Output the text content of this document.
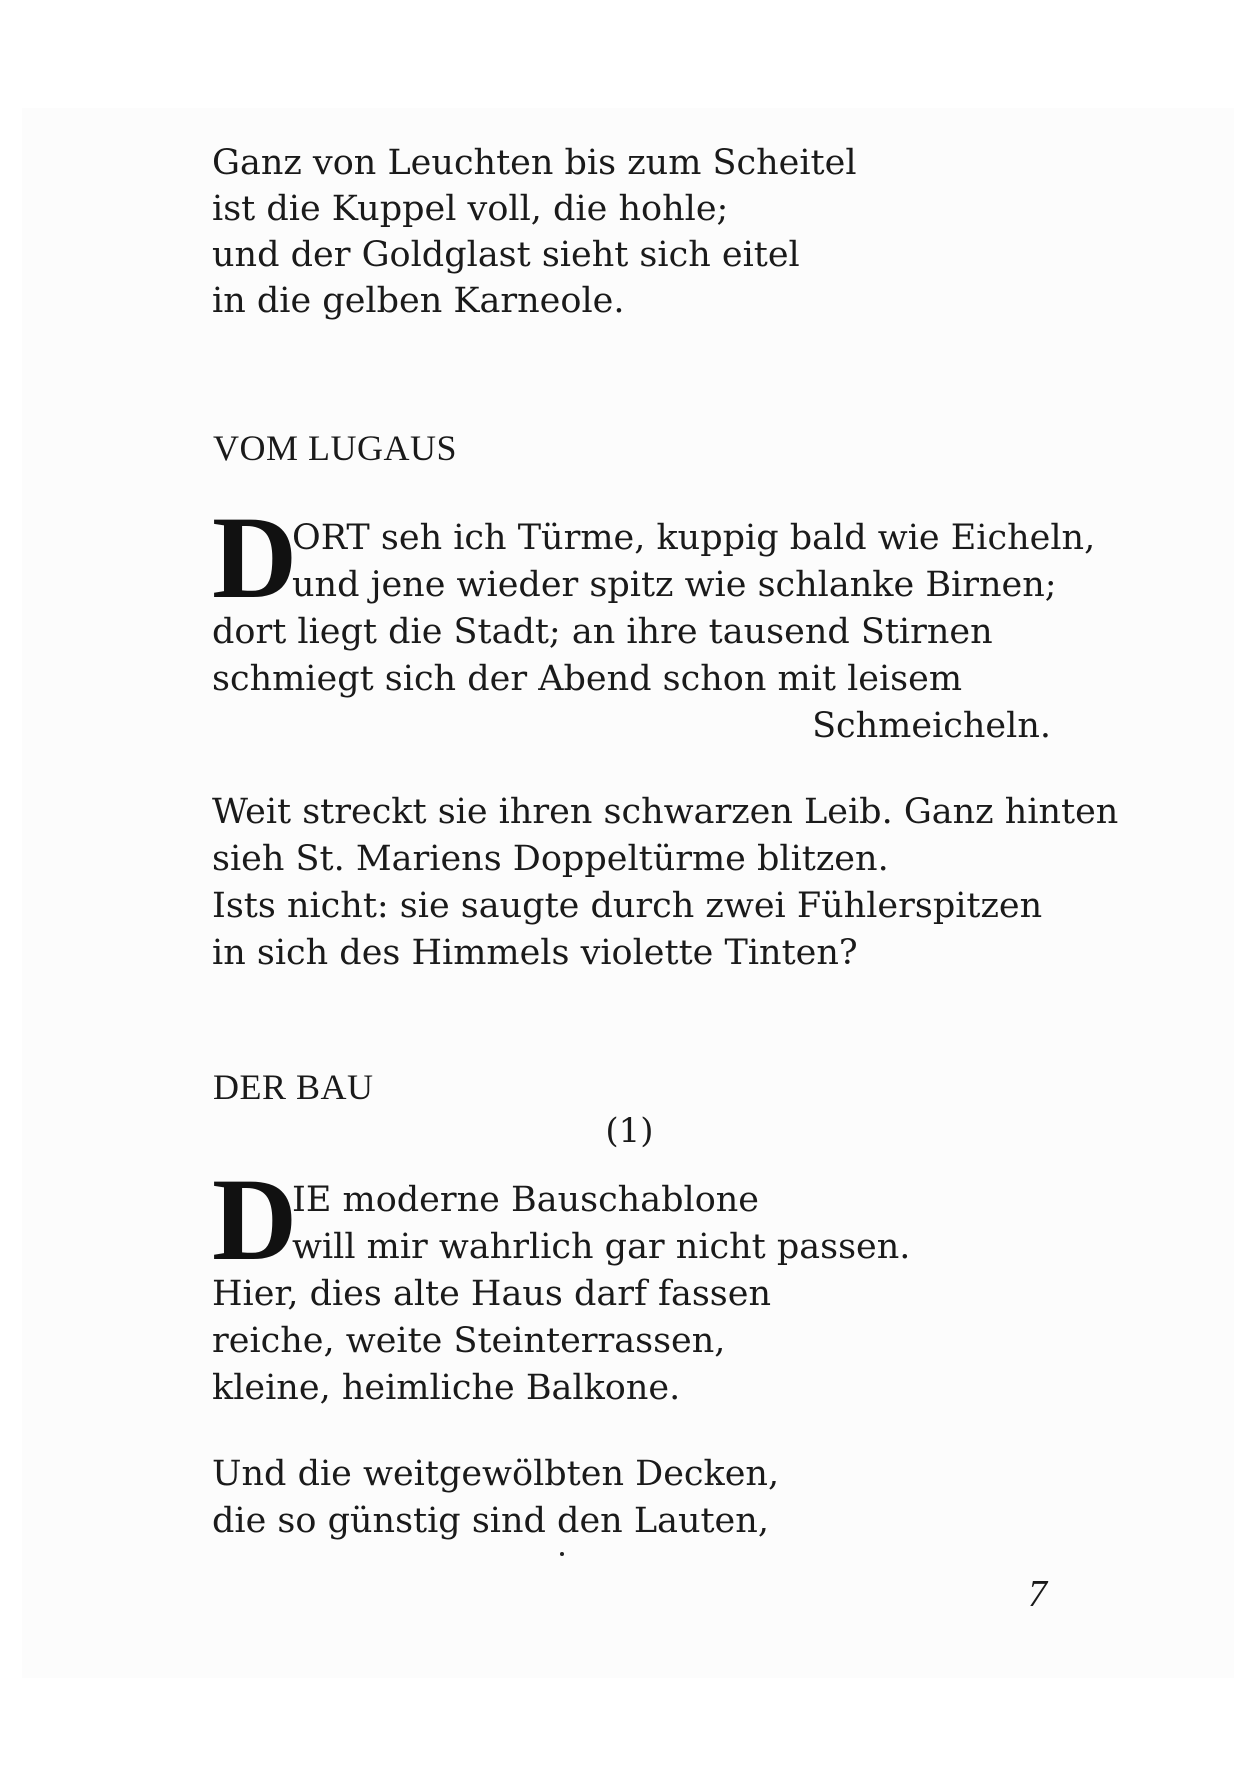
Ganz von Leuchten bis zum Scheitel
ist die Kuppel voll, die hohle;
und der Goldglast sieht sich eitel
in die gelben Karneole.
VOM LUGAUS
D
ORT seh ich Türme, kuppig bald wie Eicheln,
und jene wieder spitz wie schlanke Birnen;
dort liegt die Stadt; an ihre tausend Stirnen
schmiegt sich der Abend schon mit leisem
Schmeicheln.
Weit streckt sie ihren schwarzen Leib. Ganz hinten
sieh St. Mariens Doppeltürme blitzen.
Ists nicht: sie saugte durch zwei Fühlerspitzen
in sich des Himmels violette Tinten?
DER BAU
(1)
D
IE moderne Bauschablone
will mir wahrlich gar nicht passen.
Hier, dies alte Haus darf fassen
reiche, weite Steinterrassen,
kleine, heimliche Balkone.
Und die weitgewölbten Decken,
die so günstig sind den Lauten,
7
